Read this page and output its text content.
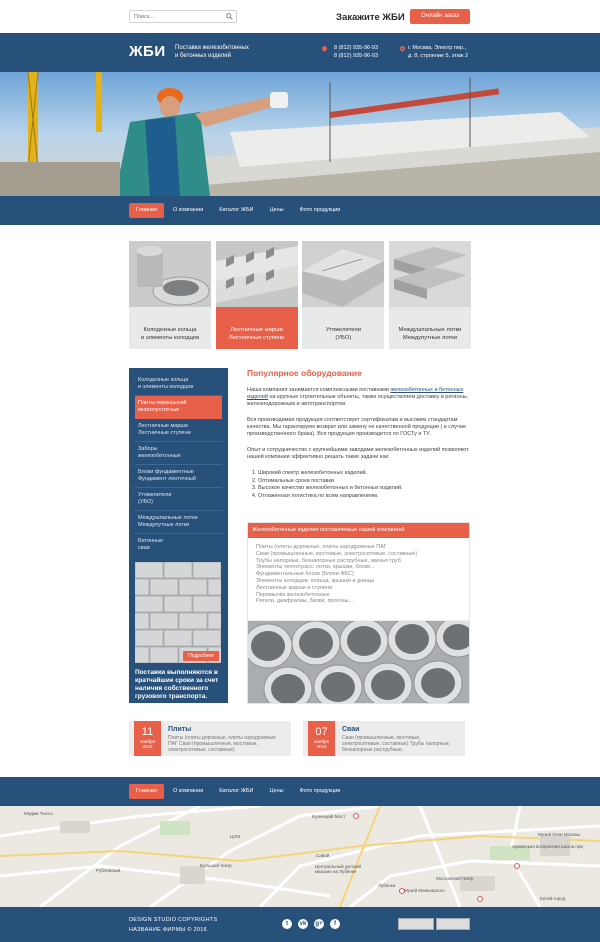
Поиск...
Закажите ЖБИ	Онлайн заказ
ЖБИ Поставки железобетонных
и бетонных изделий
8 (812) 935-96-93
8 (812) 935-96-93
г. Москва, Электр пер.,
д. 8, строение 5, этаж 2
Главная	О компании	Каталог ЖБИ	Цены	Фото продукции
Колодезные кольца
и элементы колодцев
Лестничные марши
Лестничные ступени
Утяжелители
(УБО)
Междушпальные лотки
Междупутные лотки
Колодезные кольца
и элементы колодцев
Плиты перекрытий
многопустотные
Лестничные марши
Лестничные ступени
Заборы
железобетонные
Блоки фундаментные
Фундамент ленточный
Утяжелители
(УБО)
Междушпальные лотки
Междупутные лотки
Бетонные
сваи
Подробнее
Поставки выполняются в кратчайшие сроки за счет наличия собственного грузового транспорта.
Популярное оборудование

Наша компания занимается комплексными поставками железобетонных и бетонных изделий на крупные строительные объекты, также осуществляем доставку в регионы, железнодорожным и автотранспортом.

Вся производимая продукция соответствует сертификатам и высоким стандартам качества. Мы гарантируем возврат или замену не качественной продукции ( в случае производственного брака). Вся продукция производится по ГОСТу и ТУ.

Опыт и сотрудничество с крупнейшими заводами железобетонных изделий позволяют нашей компании эффективно решать такие задачи как:

1. Широкий спектр железобетонных изделий.
2. Оптимальные сроки поставки
3. Высокое качество железобетонных и бетонных изделий.
4. Отлаженная логистика по всем направлениям.
Железобетонные изделия поставляемые нашей компанией
Плиты (плиты дорожные, плиты аэродромные ПАГ
Сваи (промышленные, мостовые, электросетевые, составные)
Трубы напорные, безнапорные раструбные, звенья труб
Элементы теплотрасс: лотки, крышки, блоки...
Фундаментальные блоки (Блоки ФБС)
Элементы колодцев: кольца, крышки и днища
Лестничные марши и ступени
Перемычки железобетонные
Ригели, диафрагмы, балки, прогоны...
11
ноября
2016
Плиты
Плиты (плиты дорожные, плиты аэродромные ПАГ Сваи (промышленные, мостовые, электросетевые, составные)
07
ноября
2016
Сваи
Сваи (промышленные, мостовые, электросетевые, составные) Трубы напорные, безнапорные раструбные,
Главная	О компании	Каталог ЖБИ	Цены	Фото продукции
Кузнецкий Мост
ЦУМ
Большой театр
Савой
Центральный детский магазин на Лубянке
Лубянка
Музей Маяковского
Московский театр
Музей Огни Москвы
Армянская воскресная школа при
Китай-город
Мадам Тюссо
Рублёвский
DESIGN STUDIO COPYRIGHTS
НАЗВАНИЕ ФИРМЫ © 2016
t	vk g+	f
